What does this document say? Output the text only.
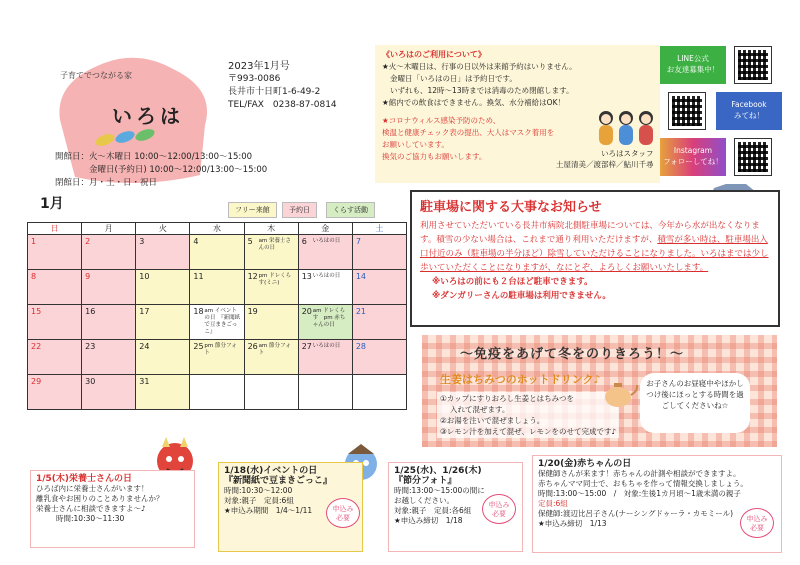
子育てでつながる家
いろは
2023年1月号
〒993-0086
長井市十日町1-6-49-2
TEL/FAX　0238-87-0814
開館日：火～木曜日 10:00～12:00/13:00～15:00
金曜日(予約日) 10:00～12:00/13:00～15:00
閉館日：月・土・日・祝日
《いろはのご利用について》
★火～木曜日は、行事の日以外は来館予約はいりません。
金曜日「いろはの日」は予約日です。
いずれも、12時～13時までは消毒のため閉館します。
★館内での飲食はできません。換気、水分補給はOK！
★コロナウィルス感染予防のため、
検温と健康チェック表の提出、大人はマスク着用を
お願いしています。
換気のご協力もお願いします。	いろはスタッフ
土屋清美／渡部梓／鮎川千尋
LINE公式
お友達募集中！
Facebook
みてね！
Instagram
フォローしてね！
1月	フリー来館	予約日	くらす活動
日	月	火	水	木	金	土
1	2	3	4	5 am 栄養士さんの日	6 いろはの日	7
8	9	10	11	12 pm ドレくらす(ミニ)	13 いろはの日	14
15	16	17	18 am イベントの日　『新聞紙で豆まきごっこ』	19	20 am ドレくらす　pm 赤ちゃんの日	21
22	23	24	25 pm 節分フォト	26 am 節分フォト	27 いろはの日	28
29	30	31				
駐車場に関する大事なお知らせ

利用させていただいている長井市病院北側駐車場については、今年から水が出なくなります。積雪の少ない場合は、これまで通り利用いただけますが、積雪が多い時は、駐車場出入口付近のみ（駐車場の半分ほど）除雪していただけることになりました。いろはまでは少し歩いていただくことになりますが、なにとぞ、よろしくお願いいたします。

※いろはの前にも２台ほど駐車できます。

※ダンガリーさんの駐車場は利用できません。

～免疫をあげて冬をのりきろう！～
生姜はちみつのホットドリンク♪
①カップにすりおろし生姜とはちみつを
入れて混ぜます。
②お湯を注いで混ぜましょう。
③レモン汁を加えて混ぜ、レモンをのせて完成です♪
お子さんのお昼寝中やほかしつけ後にほっとする時間を過ごしてくださいね☆
1/5(木)栄養士さんの日
ひろば内に栄養士さんがいます！
離乳食やお困りのことありませんか？
栄養士さんに相談できますよ～♪
時間:10:30～11:30
1/18(水)イベントの日
『新聞紙で豆まきごっこ』
時間:10:30～12:00
対象:親子　定員:6組
★申込み期間　1/4～1/11	申込み
必要
1/25(水)、1/26(木)
『節分フォト』
時間:13:00～15:00の間に
お越しください。
対象:親子　定員:各6組
★申込み締切　1/18
申込み
必要
1/20(金)赤ちゃんの日
保健師さんが来ます！赤ちゃんの計測や相談ができますよ。
赤ちゃんママ同士で、おもちゃを作って情報交換しましょう。
時間:13:00～15:00　/　対象:生後1カ月頃～1歳未満の親子
定員:6組
保健師:渡辺比呂子さん(ナーシングドゥーラ・カモミール)
★申込み締切　1/13	申込み
必要
